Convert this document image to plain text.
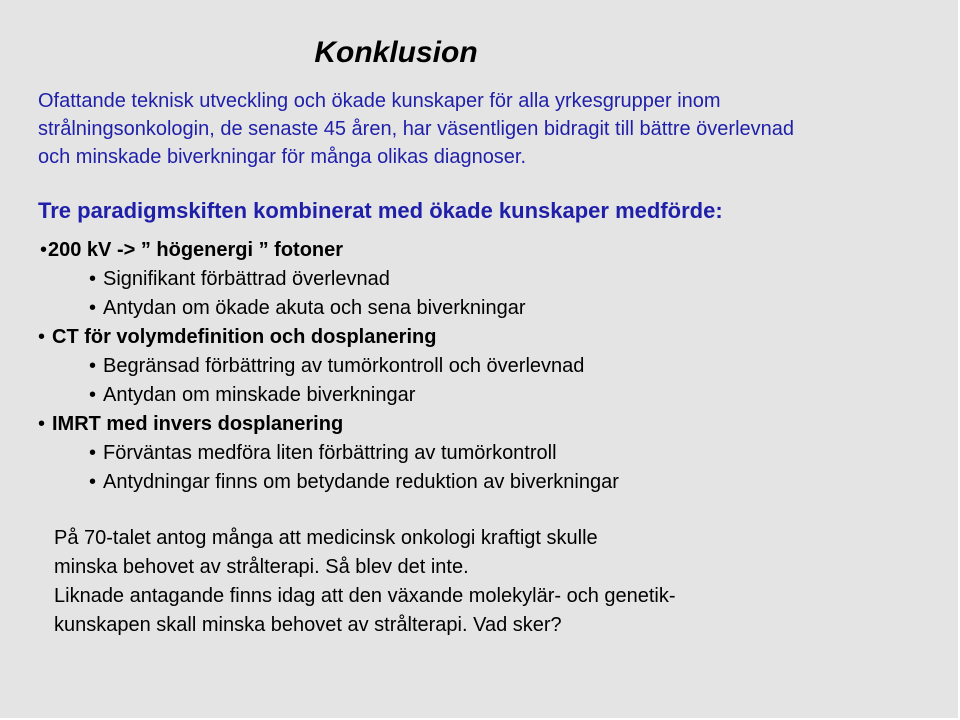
Konklusion
Ofattande teknisk utveckling och ökade kunskaper för alla yrkesgrupper inom
strålningsonkologin, de senaste 45 åren, har väsentligen bidragit till bättre överlevnad
och minskade biverkningar för många olikas diagnoser.
Tre paradigmskiften kombinerat med ökade kunskaper medförde:
•200 kV -> ” högenergi ” fotoner
• Signifikant förbättrad överlevnad
• Antydan om ökade akuta och sena biverkningar
• CT för volymdefinition och dosplanering
• Begränsad förbättring av tumörkontroll och överlevnad
• Antydan om minskade biverkningar
• IMRT med invers dosplanering
• Förväntas medföra liten förbättring av tumörkontroll
• Antydningar finns om betydande reduktion av biverkningar
På 70-talet antog många att medicinsk onkologi kraftigt skulle
minska behovet av strålterapi. Så blev det inte.
Liknade antagande finns idag att den växande molekylär- och genetik-
kunskapen skall minska behovet av strålterapi. Vad sker?
